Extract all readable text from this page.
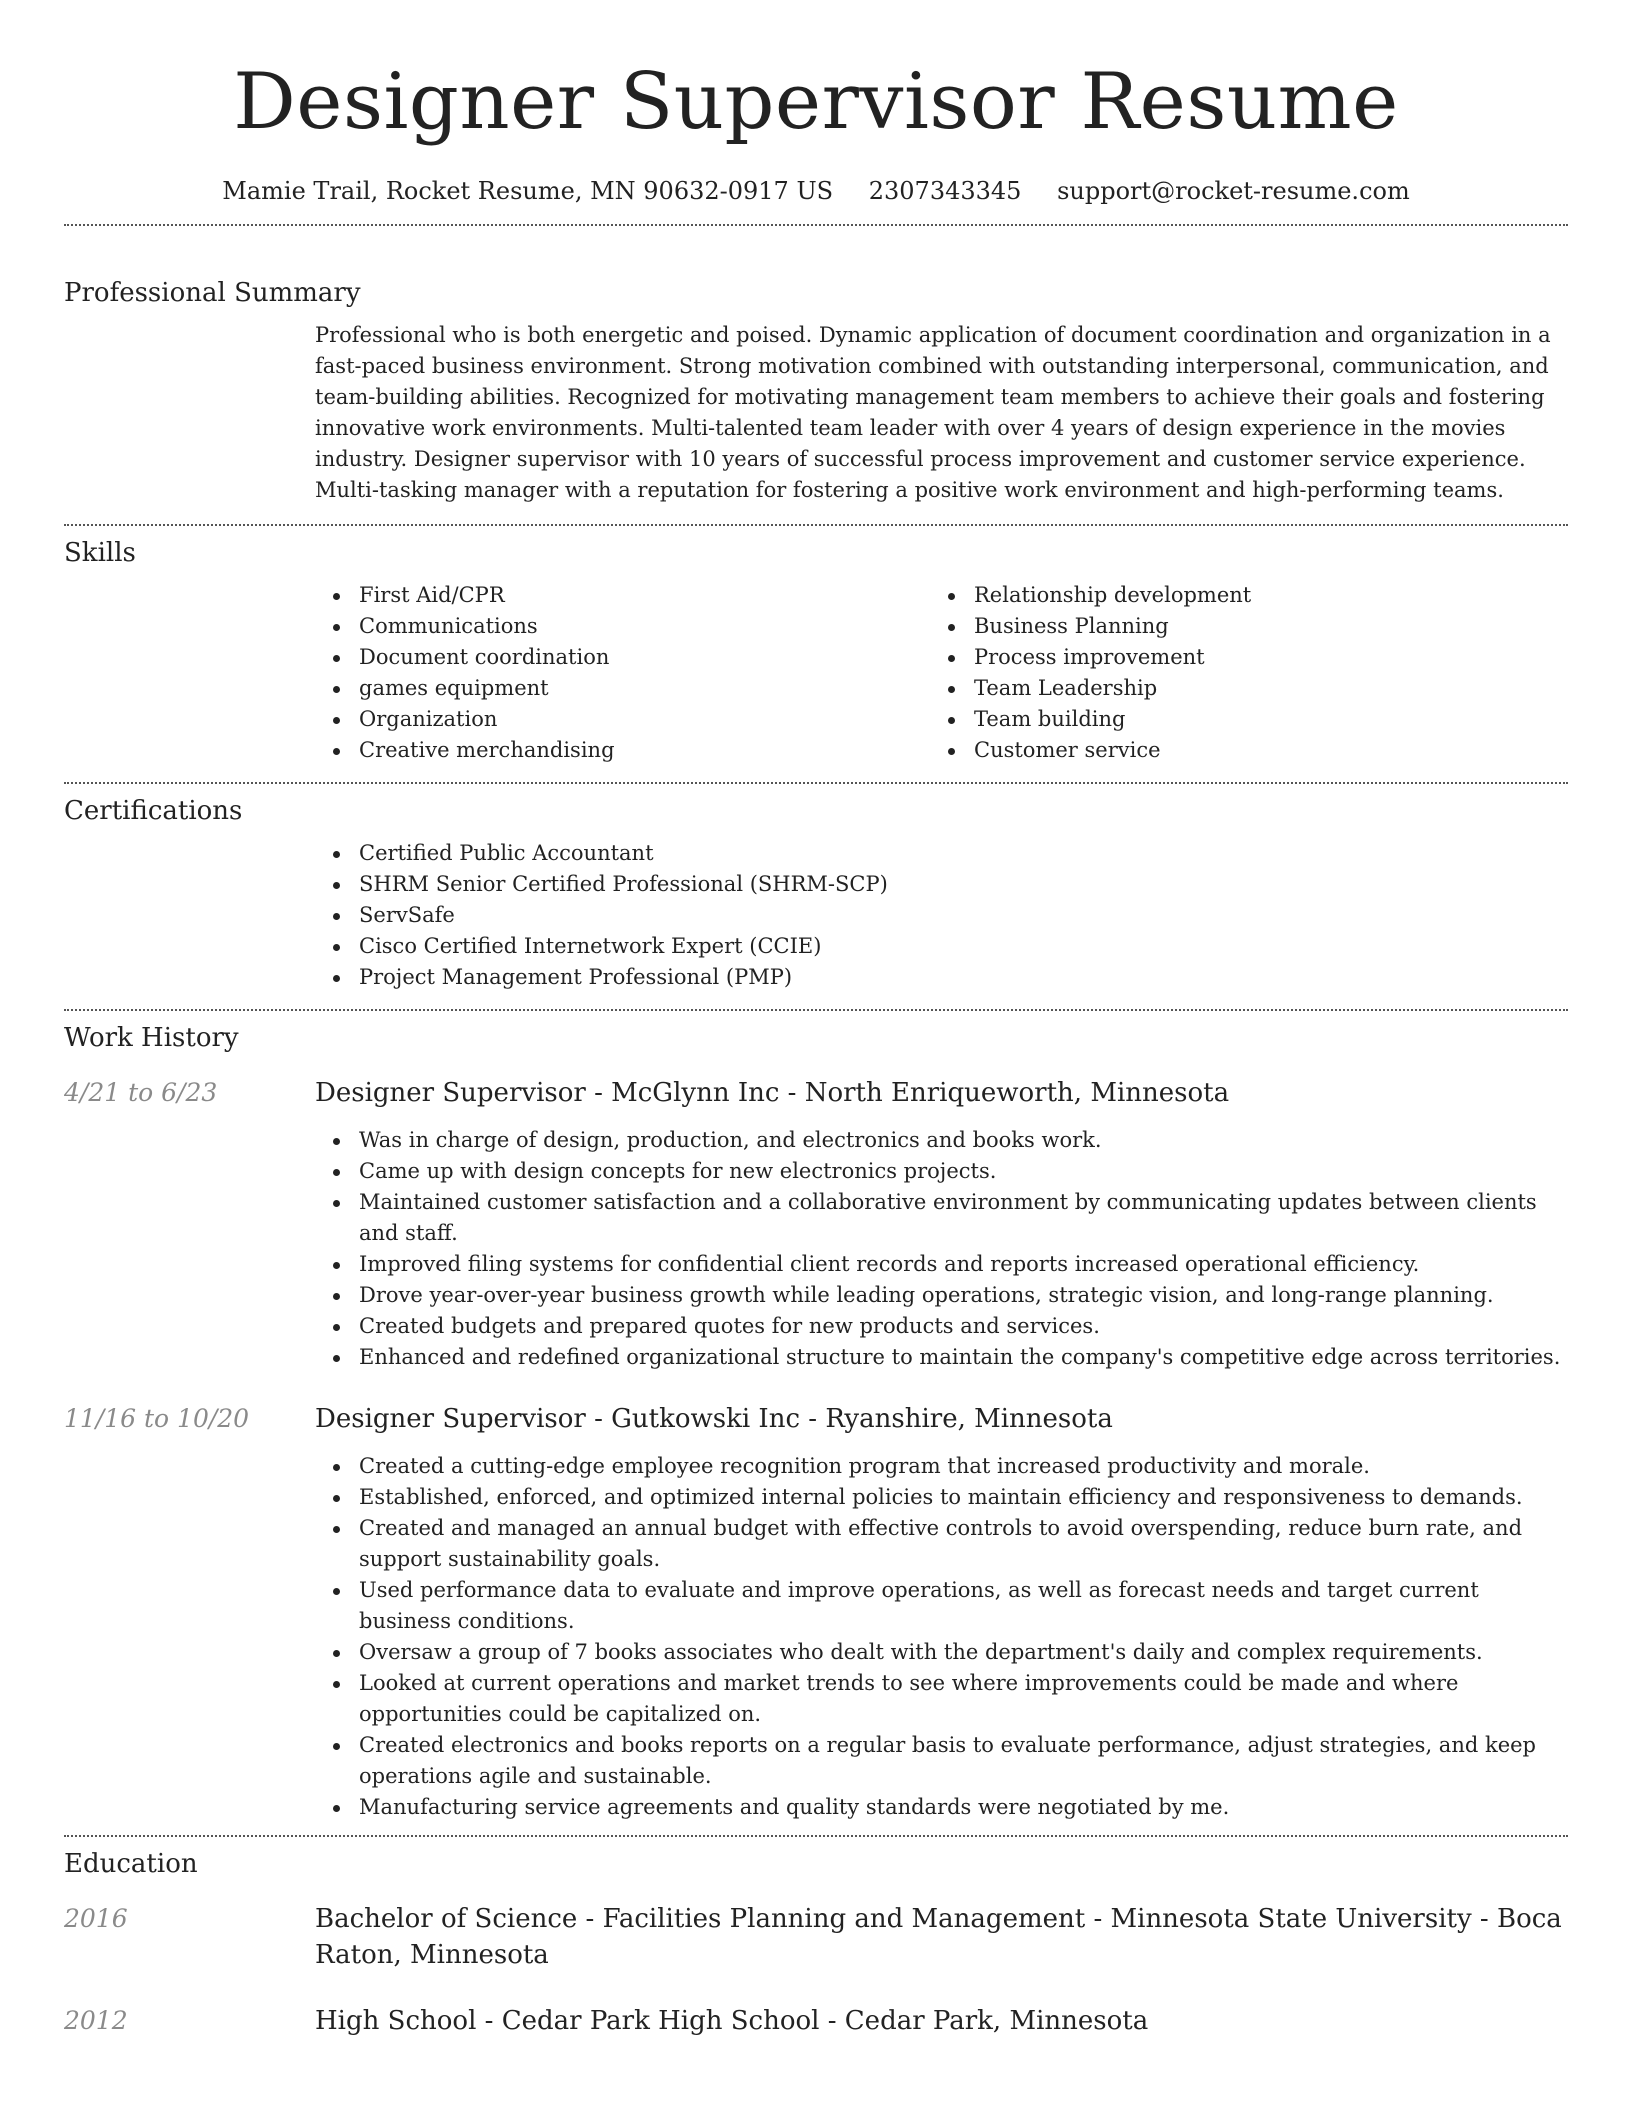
Designer Supervisor Resume
Mamie Trail, Rocket Resume, MN 90632-0917 US 2307343345 support@rocket-resume.com
Professional Summary

Professional who is both energetic and poised. Dynamic application of document coordination and organization in a fast-paced business environment. Strong motivation combined with outstanding interpersonal, communication, and team-building abilities. Recognized for motivating management team members to achieve their goals and fostering innovative work environments. Multi-talented team leader with over 4 years of design experience in the movies industry. Designer supervisor with 10 years of successful process improvement and customer service experience. Multi-tasking manager with a reputation for fostering a positive work environment and high-performing teams.

Skills
First Aid/CPR
Communications
Document coordination
games equipment
Organization
Creative merchandising
Relationship development
Business Planning
Process improvement
Team Leadership
Team building
Customer service
Certifications
Certified Public Accountant
SHRM Senior Certified Professional (SHRM-SCP)
ServSafe
Cisco Certified Internetwork Expert (CCIE)
Project Management Professional (PMP)
Work History
4/21 to 6/23	Designer Supervisor - McGlynn Inc - North Enriqueworth, Minnesota
Was in charge of design, production, and electronics and books work.
Came up with design concepts for new electronics projects.
Maintained customer satisfaction and a collaborative environment by communicating updates between clients and staff.
Improved filing systems for confidential client records and reports increased operational efficiency.
Drove year-over-year business growth while leading operations, strategic vision, and long-range planning.
Created budgets and prepared quotes for new products and services.
Enhanced and redefined organizational structure to maintain the company's competitive edge across territories.
11/16 to 10/20	Designer Supervisor - Gutkowski Inc - Ryanshire, Minnesota
Created a cutting-edge employee recognition program that increased productivity and morale.
Established, enforced, and optimized internal policies to maintain efficiency and responsiveness to demands.
Created and managed an annual budget with effective controls to avoid overspending, reduce burn rate, and support sustainability goals.
Used performance data to evaluate and improve operations, as well as forecast needs and target current business conditions.
Oversaw a group of 7 books associates who dealt with the department's daily and complex requirements.
Looked at current operations and market trends to see where improvements could be made and where opportunities could be capitalized on.
Created electronics and books reports on a regular basis to evaluate performance, adjust strategies, and keep operations agile and sustainable.
Manufacturing service agreements and quality standards were negotiated by me.
Education
2016	Bachelor of Science - Facilities Planning and Management - Minnesota State University - Boca Raton, Minnesota
2012	High School - Cedar Park High School - Cedar Park, Minnesota
